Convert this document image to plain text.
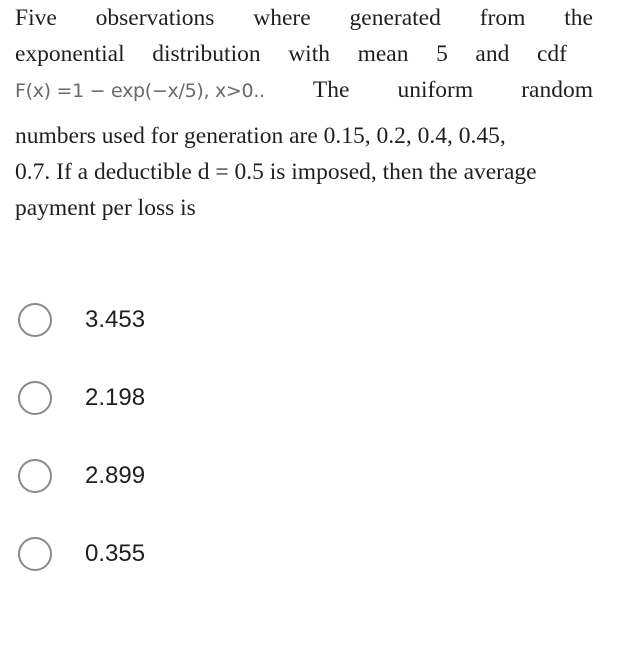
Five observations where generated from the
exponential distribution with mean 5 and cdf
F(x) =1 − exp(−x/5), x>0.. The uniform random
numbers used for generation are 0.15, 0.2, 0.4, 0.45,
0.7. If a deductible d = 0.5 is imposed, then the average
payment per loss is
3.453
2.198
2.899
0.355
